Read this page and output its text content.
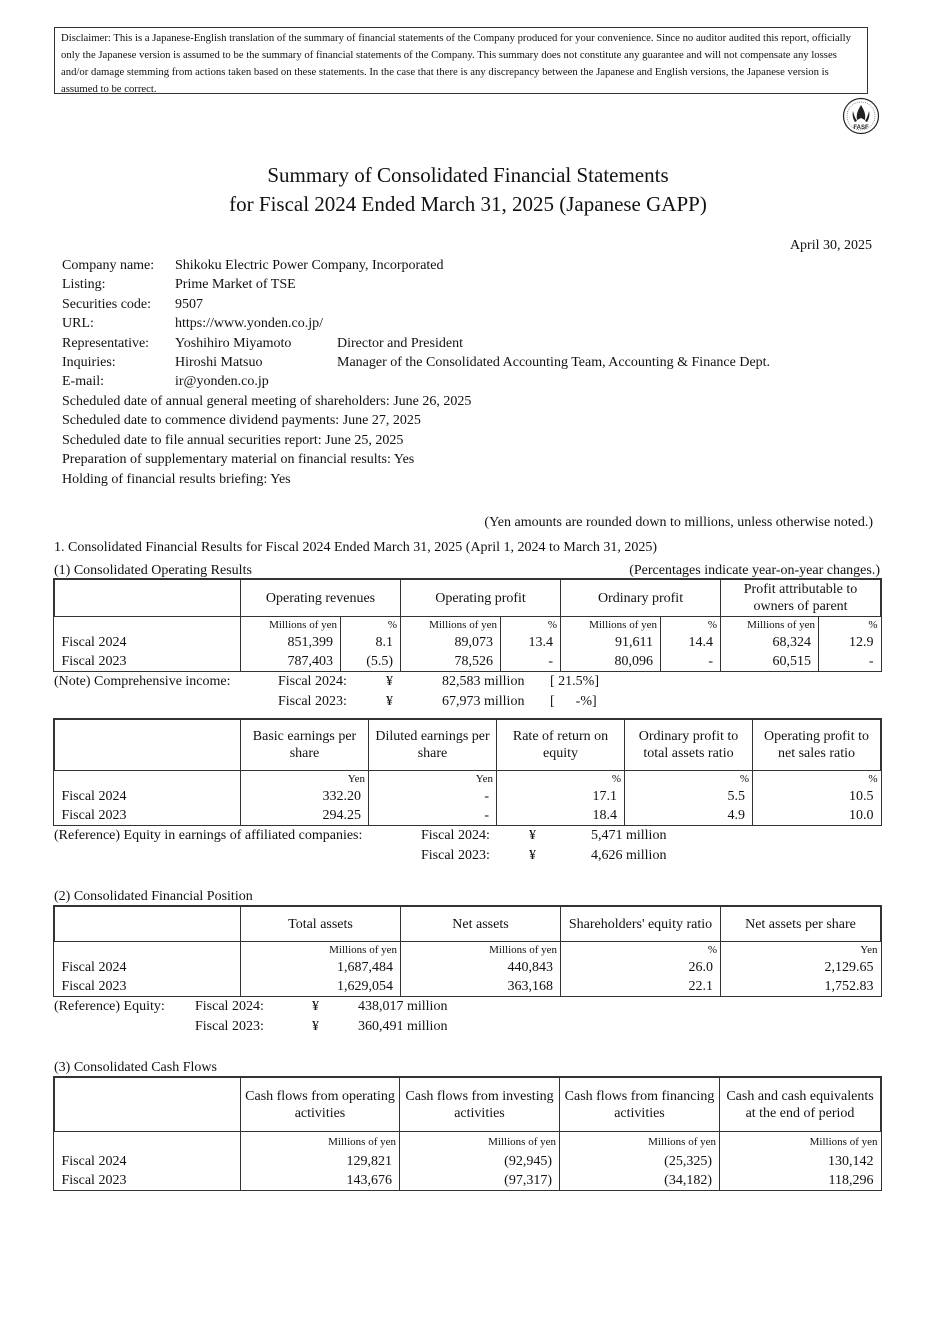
Disclaimer: This is a Japanese-English translation of the summary of financial statements of the Company produced for your convenience. Since no auditor audited this report, officially only the Japanese version is assumed to be the summary of financial statements of the Company. This summary does not constitute any guarantee and will not compensate any losses and/or damage stemming from actions taken based on these statements. In the case that there is any discrepancy between the Japanese and English versions, the Japanese version is assumed to be correct.
FASF
Summary of Consolidated Financial Statements
for Fiscal 2024 Ended March 31, 2025 (Japanese GAPP)
April 30, 2025
Company name: Shikoku Electric Power Company, Incorporated
Listing:	Prime Market of TSE
Securities code: 9507
URL:	https://www.yonden.co.jp/
Representative: Yoshihiro Miyamoto	Director and President
Inquiries:	Hiroshi Matsuo	Manager of the Consolidated Accounting Team, Accounting & Finance Dept.
E-mail:	ir@yonden.co.jp
Scheduled date of annual general meeting of shareholders: June 26, 2025
Scheduled date to commence dividend payments: June 27, 2025
Scheduled date to file annual securities report: June 25, 2025
Preparation of supplementary material on financial results: Yes
Holding of financial results briefing: Yes
(Yen amounts are rounded down to millions, unless otherwise noted.)
1. Consolidated Financial Results for Fiscal 2024 Ended March 31, 2025 (April 1, 2024 to March 31, 2025)
(1) Consolidated Operating Results	(Percentages indicate year-on-year changes.)
	Operating revenues		Operating profit		Ordinary profit		Profit attributable to owners of parent	
	Millions of yen	%	Millions of yen	%	Millions of yen	%	Millions of yen	%
Fiscal 2024	851,399	8.1	89,073	13.4	91,611	14.4	68,324	12.9
Fiscal 2023	787,403	(5.5)	78,526	-	80,096	-	60,515	-
(Note) Comprehensive income:	Fiscal 2024:	¥	82,583 million [ 21.5%]
Fiscal 2023:	¥	67,973 million [      -%]
	Basic earnings per share	Diluted earnings per share	Rate of return on equity	Ordinary profit to total assets ratio	Operating profit to net sales ratio
	Yen	Yen	%	%	%
Fiscal 2024	332.20	-	17.1	5.5	10.5
Fiscal 2023	294.25	-	18.4	4.9	10.0
(Reference) Equity in earnings of affiliated companies:	Fiscal 2024:	¥	5,471 million
Fiscal 2023:	¥	4,626 million
(2) Consolidated Financial Position
	Total assets	Net assets	Shareholders' equity ratio	Net assets per share
	Millions of yen	Millions of yen	%	Yen
Fiscal 2024	1,687,484	440,843	26.0	2,129.65
Fiscal 2023	1,629,054	363,168	22.1	1,752.83
(Reference) Equity: Fiscal 2024:	¥	438,017 million
Fiscal 2023:	¥	360,491 million
(3) Consolidated Cash Flows
	Cash flows from operating activities	Cash flows from investing activities	Cash flows from financing activities	Cash and cash equivalents at the end of period
	Millions of yen	Millions of yen	Millions of yen	Millions of yen
Fiscal 2024	129,821	(92,945)	(25,325)	130,142
Fiscal 2023	143,676	(97,317)	(34,182)	118,296
